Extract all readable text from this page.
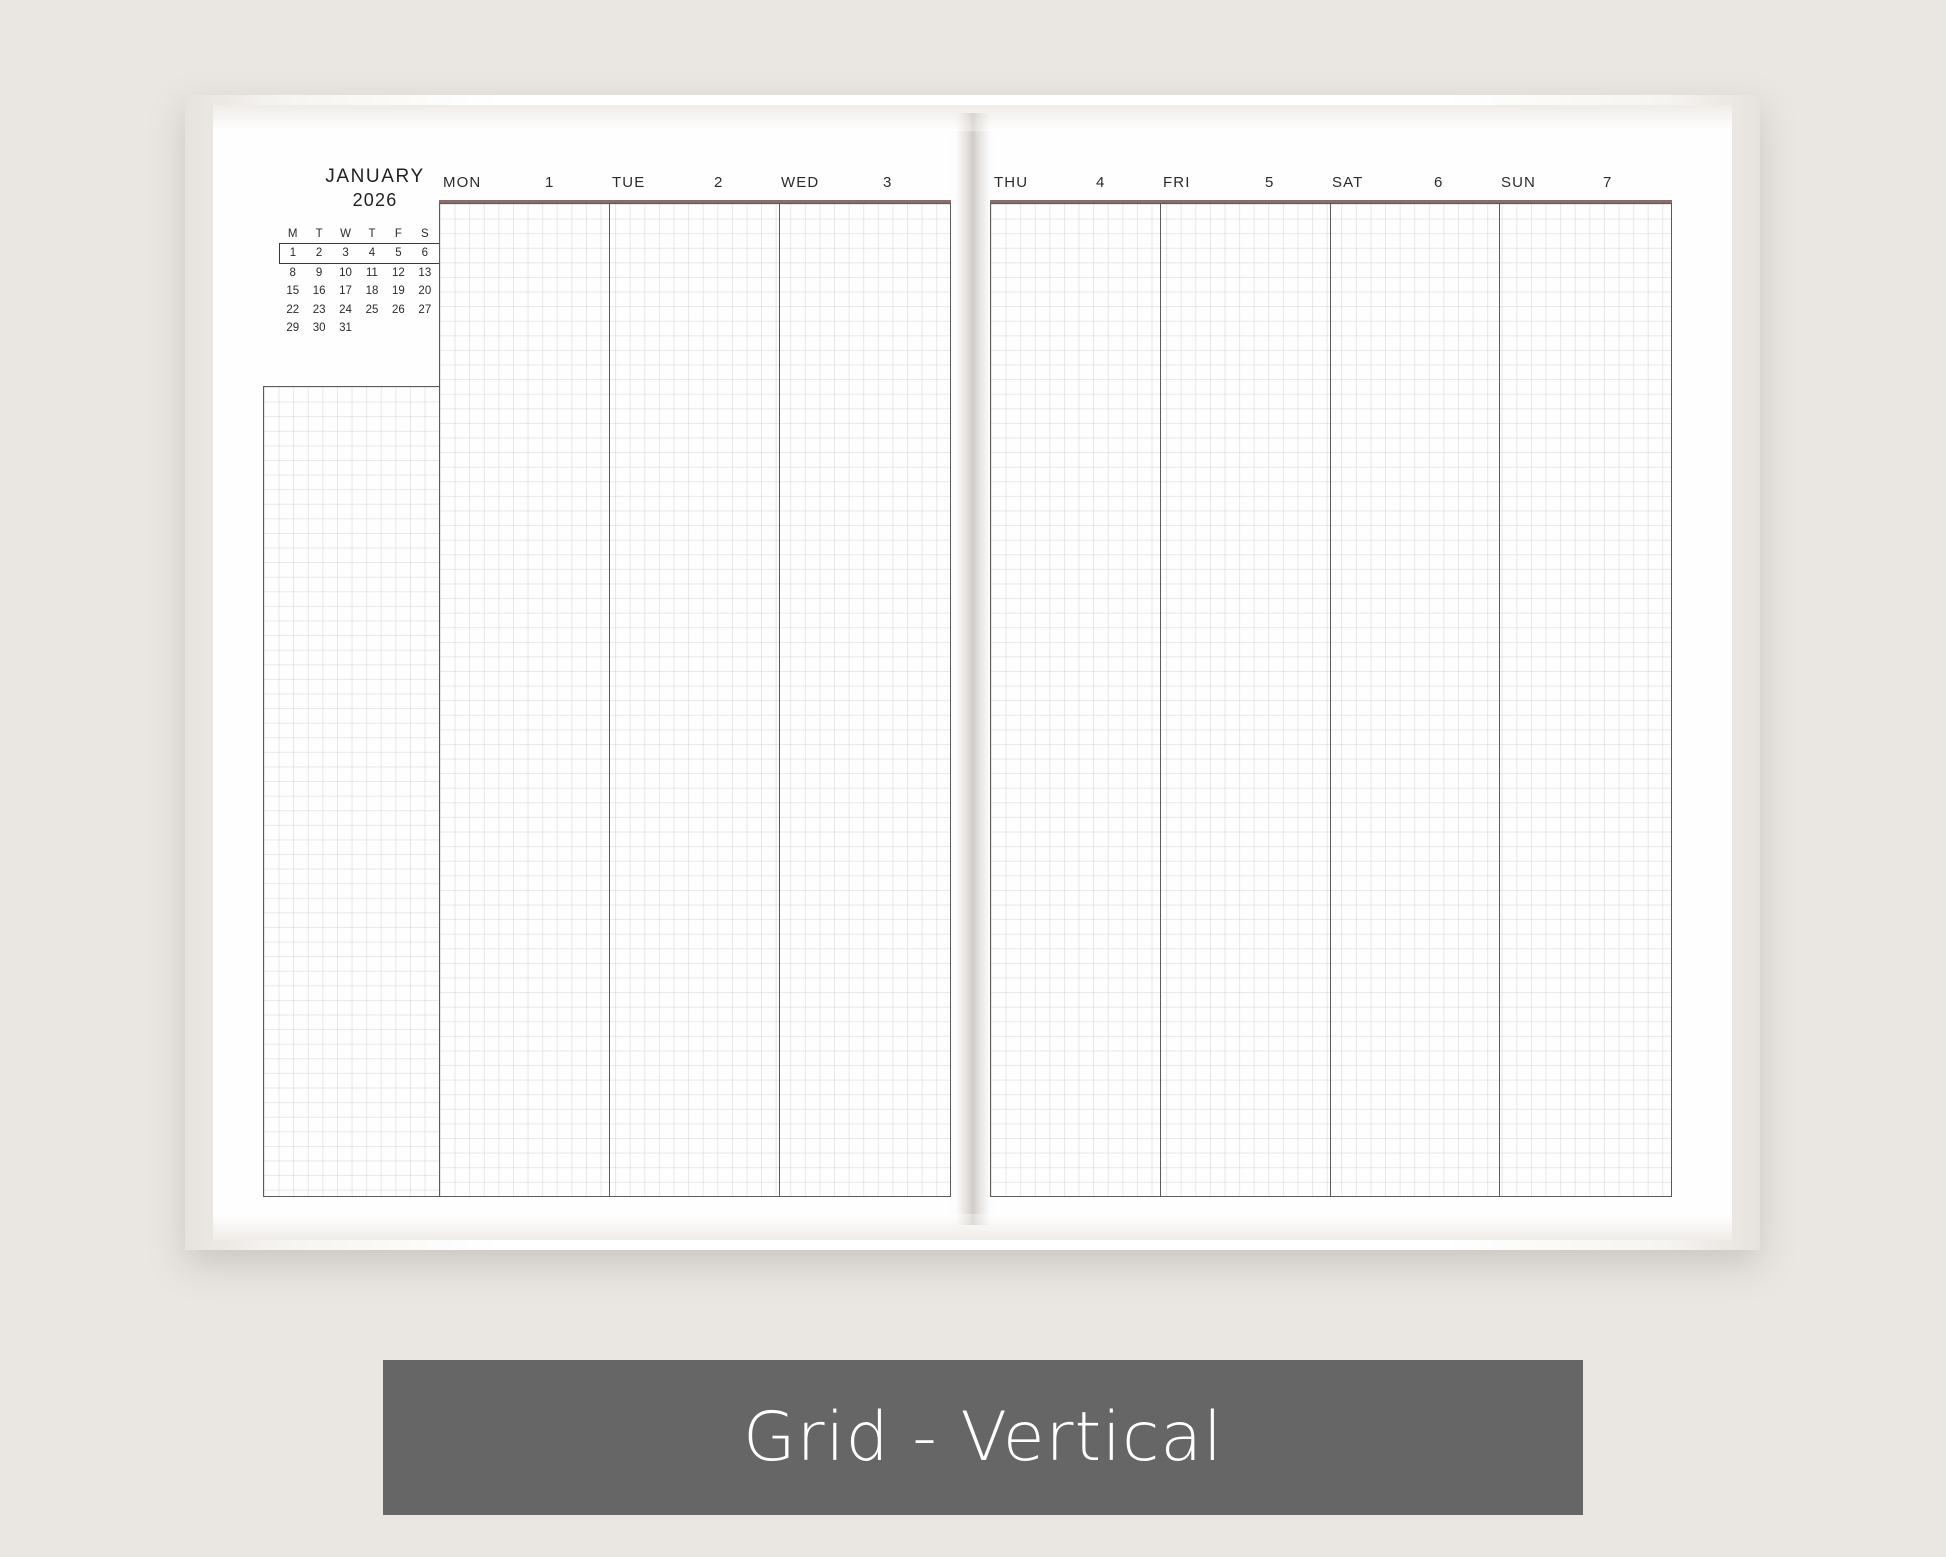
JANUARY
2026
M	T	W	T	F	S	
1	2	3	4	5	6	
8	9	10	11	12	13	
15	16	17	18	19	20	
22	23	24	25	26	27	
29	30	31				
MON	1	TUE	2	WED	3	THU	4	FRI	5	SAT	6	SUN	7
Grid - Vertical
